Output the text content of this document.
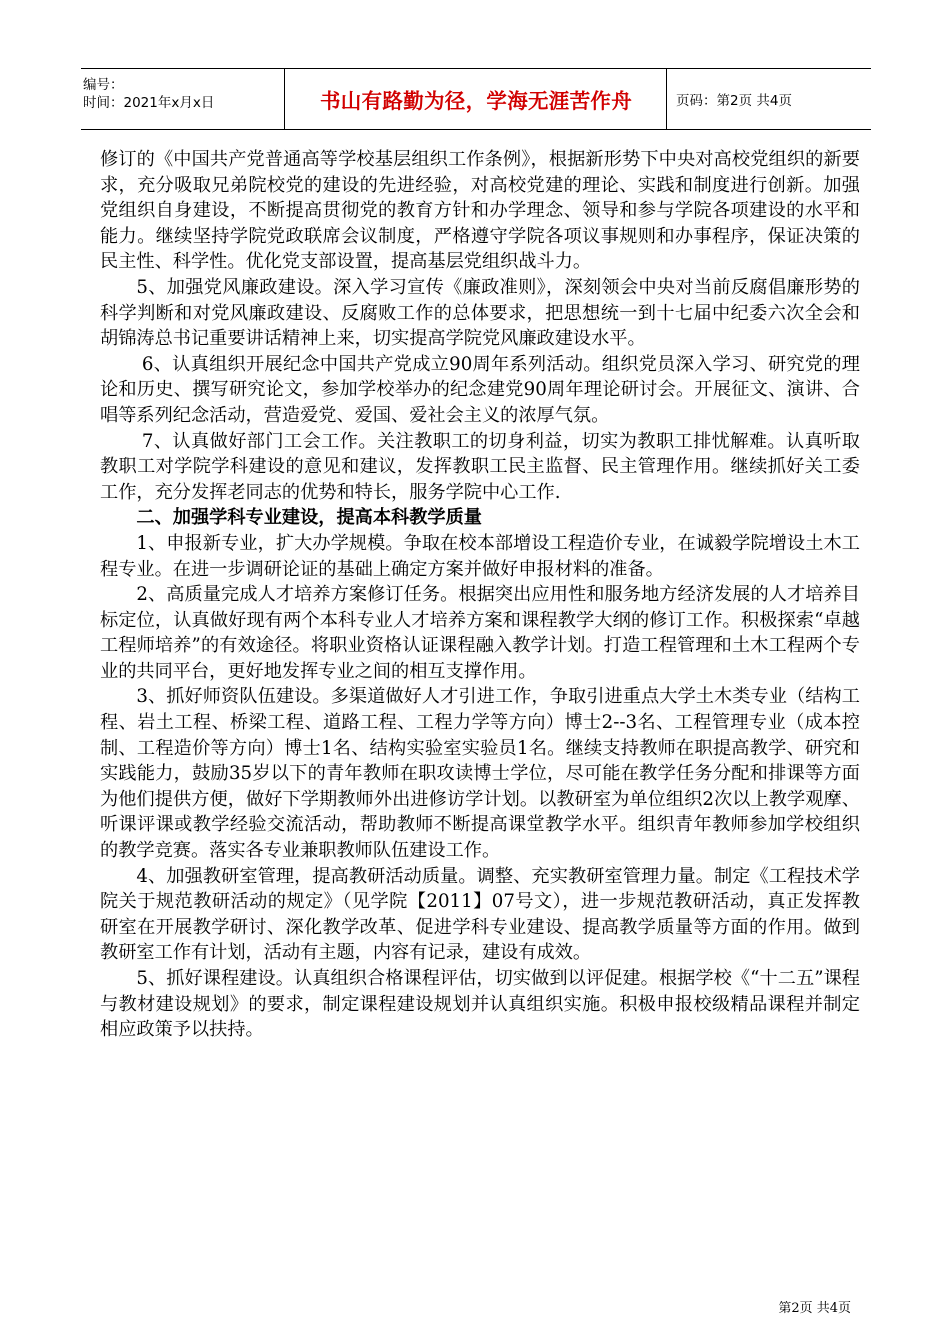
编号：
时间：2021年x月x日	书山有路勤为径，学海无涯苦作舟	页码：第2页 共4页

修订的《中国共产党普通高等学校基层组织工作条例》，根据新形势下中央对高校党组织的新要求，充分吸取兄弟院校党的建设的先进经验，对高校党建的理论、实践和制度进行创新。加强党组织自身建设，不断提高贯彻党的教育方针和办学理念、领导和参与学院各项建设的水平和能力。继续坚持学院党政联席会议制度，严格遵守学院各项议事规则和办事程序，保证决策的民主性、科学性。优化党支部设置，提高基层党组织战斗力。

5、加强党风廉政建设。深入学习宣传《廉政准则》，深刻领会中央对当前反腐倡廉形势的科学判断和对党风廉政建设、反腐败工作的总体要求，把思想统一到十七届中纪委六次全会和胡锦涛总书记重要讲话精神上来，切实提高学院党风廉政建设水平。

6、认真组织开展纪念中国共产党成立90周年系列活动。组织党员深入学习、研究党的理论和历史、撰写研究论文，参加学校举办的纪念建党90周年理论研讨会。开展征文、演讲、合唱等系列纪念活动，营造爱党、爱国、爱社会主义的浓厚气氛。

7、认真做好部门工会工作。关注教职工的切身利益，切实为教职工排忧解难。认真听取教职工对学院学科建设的意见和建议，发挥教职工民主监督、民主管理作用。继续抓好关工委工作，充分发挥老同志的优势和特长，服务学院中心工作.

二、加强学科专业建设，提高本科教学质量

1、申报新专业，扩大办学规模。争取在校本部增设工程造价专业，在诚毅学院增设土木工程专业。在进一步调研论证的基础上确定方案并做好申报材料的准备。

2、高质量完成人才培养方案修订任务。根据突出应用性和服务地方经济发展的人才培养目标定位，认真做好现有两个本科专业人才培养方案和课程教学大纲的修订工作。积极探索“卓越工程师培养”的有效途径。将职业资格认证课程融入教学计划。打造工程管理和土木工程两个专业的共同平台，更好地发挥专业之间的相互支撑作用。

3、抓好师资队伍建设。多渠道做好人才引进工作，争取引进重点大学土木类专业（结构工程、岩土工程、桥梁工程、道路工程、工程力学等方向）博士2--3名、工程管理专业（成本控制、工程造价等方向）博士1名、结构实验室实验员1名。继续支持教师在职提高教学、研究和实践能力，鼓励35岁以下的青年教师在职攻读博士学位，尽可能在教学任务分配和排课等方面为他们提供方便，做好下学期教师外出进修访学计划。以教研室为单位组织2次以上教学观摩、听课评课或教学经验交流活动，帮助教师不断提高课堂教学水平。组织青年教师参加学校组织的教学竞赛。落实各专业兼职教师队伍建设工作。

4、加强教研室管理，提高教研活动质量。调整、充实教研室管理力量。制定《工程技术学院关于规范教研活动的规定》（见学院【2011】07号文），进一步规范教研活动，真正发挥教研室在开展教学研讨、深化教学改革、促进学科专业建设、提高教学质量等方面的作用。做到教研室工作有计划，活动有主题，内容有记录，建设有成效。

5、抓好课程建设。认真组织合格课程评估，切实做到以评促建。根据学校《“十二五”课程与教材建设规划》的要求，制定课程建设规划并认真组织实施。积极申报校级精品课程并制定相应政策予以扶持。

第2页 共4页
